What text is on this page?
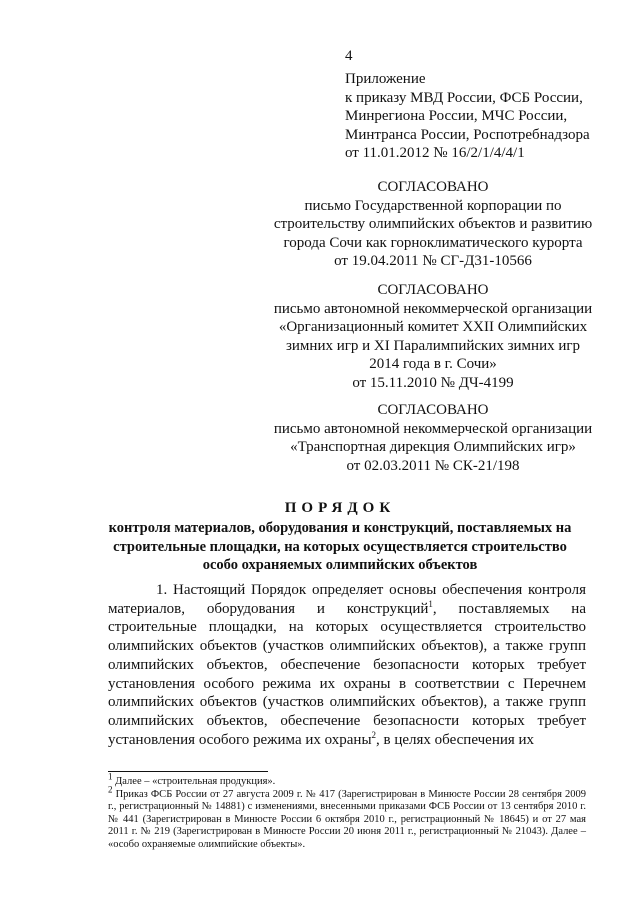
4
Приложение
к приказу МВД России, ФСБ России,
Минрегиона России, МЧС России,
Минтранса России, Роспотребнадзора
от 11.01.2012 № 16/2/1/4/4/1
СОГЛАСОВАНО
письмо Государственной корпорации по
строительству олимпийских объектов и развитию
города Сочи как горноклиматического курорта
от 19.04.2011 № СГ-Д31-10566
СОГЛАСОВАНО
письмо автономной некоммерческой организации
«Организационный комитет XXII Олимпийских
зимних игр и XI Паралимпийских зимних игр
2014 года в г. Сочи»
от 15.11.2010 № ДЧ-4199
СОГЛАСОВАНО
письмо автономной некоммерческой организации
«Транспортная дирекция Олимпийских игр»
от 02.03.2011 № СК-21/198
ПОРЯДОК
контроля материалов, оборудования и конструкций, поставляемых на
строительные площадки, на которых осуществляется строительство
особо охраняемых олимпийских объектов

1. Настоящий Порядок определяет основы обеспечения контроля материалов, оборудования и конструкций$^1$, поставляемых на строительные площадки, на которых осуществляется строительство олимпийских объектов (участков олимпийских объектов), а также групп олимпийских объектов, обеспечение безопасности которых требует установления особого режима их охраны в соответствии с Перечнем олимпийских объектов (участков олимпийских объектов), а также групп олимпийских объектов, обеспечение безопасности которых требует установления особого режима их охраны$^2$, в целях обеспечения их

$^1$ Далее – «строительная продукция».

$^2$ Приказ ФСБ России от 27 августа 2009 г. № 417 (Зарегистрирован в Минюсте России 28 сентября 2009 г., регистрационный № 14881) с изменениями, внесенными приказами ФСБ России от 13 сентября 2010 г. № 441 (Зарегистрирован в Минюсте России 6 октября 2010 г., регистрационный № 18645) и от 27 мая 2011 г. № 219 (Зарегистрирован в Минюсте России 20 июня 2011 г., регистрационный № 21043). Далее – «особо охраняемые олимпийские объекты».
